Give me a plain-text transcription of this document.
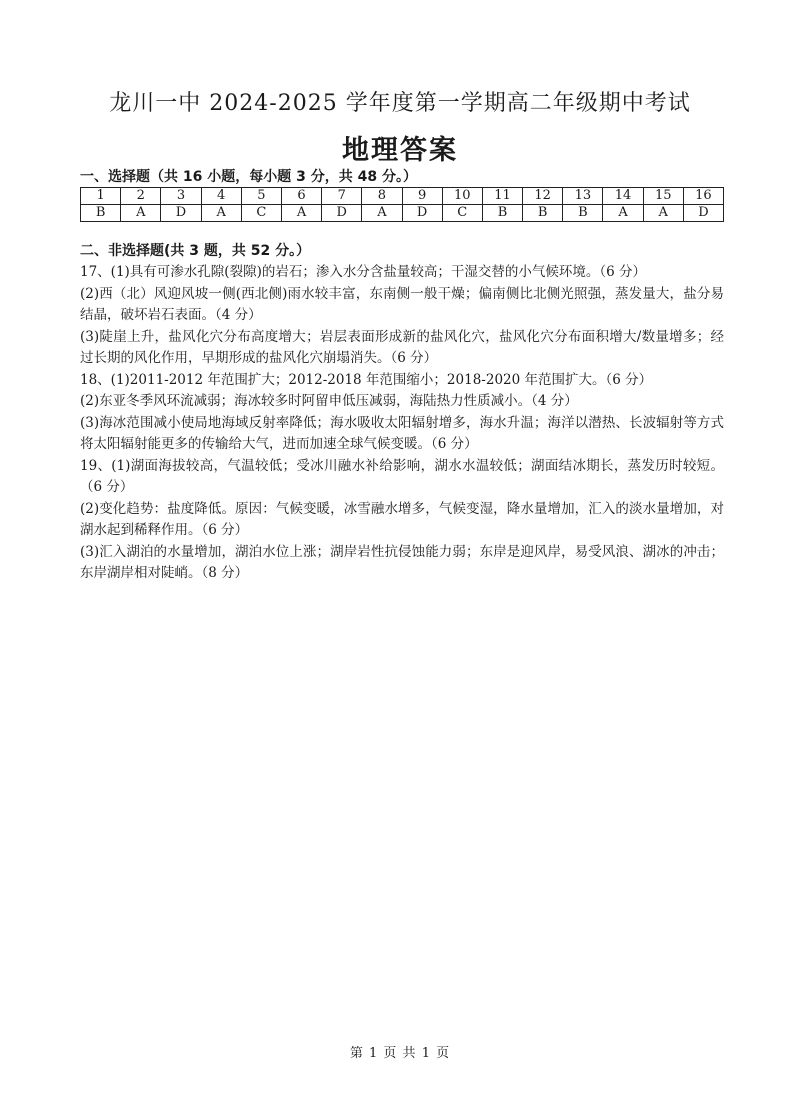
龙川一中 2024-2025 学年度第一学期高二年级期中考试
地理答案
一、选择题（共 16 小题，每小题 3 分，共 48 分。）
1	2	3	4	5	6	7	8	9	10	11	12	13	14	15	16
B	A	D	A	C	A	D	A	D	C	B	B	B	A	A	D
二、非选择题(共 3 题，共 52 分。）

17、(1)具有可渗水孔隙(裂隙)的岩石；渗入水分含盐量较高；干湿交替的小气候环境。（6 分）

(2)西（北）风迎风坡一侧(西北侧)雨水较丰富，东南侧一般干燥；偏南侧比北侧光照强，蒸发量大，盐分易结晶，破坏岩石表面。（4 分）

(3)陡崖上升，盐风化穴分布高度增大；岩层表面形成新的盐风化穴，盐风化穴分布面积增大/数量增多；经过长期的风化作用，早期形成的盐风化穴崩塌消失。（6 分）

18、(1)2011-2012 年范围扩大；2012-2018 年范围缩小；2018-2020 年范围扩大。（6 分）

(2)东亚冬季风环流减弱；海冰较多时阿留申低压减弱，海陆热力性质减小。（4 分）

(3)海冰范围减小使局地海域反射率降低；海水吸收太阳辐射增多，海水升温；海洋以潜热、长波辐射等方式将太阳辐射能更多的传输给大气，进而加速全球气候变暖。（6 分）

19、(1)湖面海拔较高，气温较低；受冰川融水补给影响，湖水水温较低；湖面结冰期长，蒸发历时较短。（6 分）

(2)变化趋势：盐度降低。原因：气候变暖，冰雪融水增多，气候变湿，降水量增加，汇入的淡水量增加，对湖水起到稀释作用。（6 分）

(3)汇入湖泊的水量增加，湖泊水位上涨；湖岸岩性抗侵蚀能力弱；东岸是迎风岸，易受风浪、湖冰的冲击；东岸湖岸相对陡峭。（8 分）

第 1 页 共 1 页
